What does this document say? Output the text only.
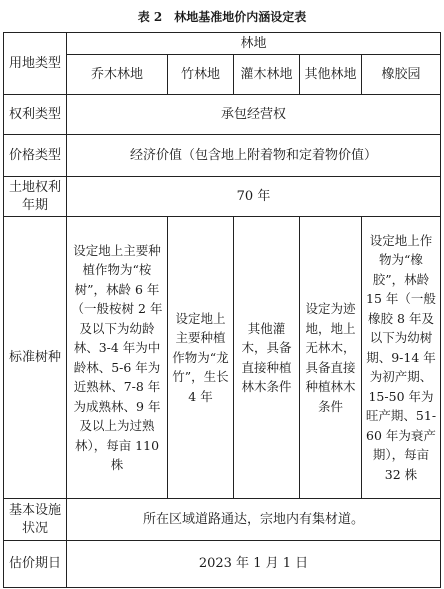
表 2　林地基准地价内涵设定表
用地类型	林地				
	乔木林地	竹林地	灌木林地	其他林地	橡胶园
权利类型	承包经营权				
价格类型	经济价值（包含地上附着物和定着物价值）				
土地权利年期	70 年				
标准树种	设定地上主要种植作物为“桉树”，林龄 6 年（一般桉树 2 年及以下为幼龄林、3-4 年为中龄林、5-6 年为近熟林、7-8 年为成熟林、9 年及以上为过熟林），每亩 110 株	设定地上主要种植作物为“龙竹”，生长 4 年	其他灌木，具备直接种植林木条件	设定为迹地，地上无林木，具备直接种植林木条件	设定地上作物为“橡胶”，林龄 15 年（一般橡胶 8 年及以下为幼树期、9-14 年为初产期、15-50 年为旺产期、51-60 年为衰产期），每亩 32 株
基本设施状况	所在区域道路通达，宗地内有集材道。				
估价期日	2023 年 1 月 1 日				
